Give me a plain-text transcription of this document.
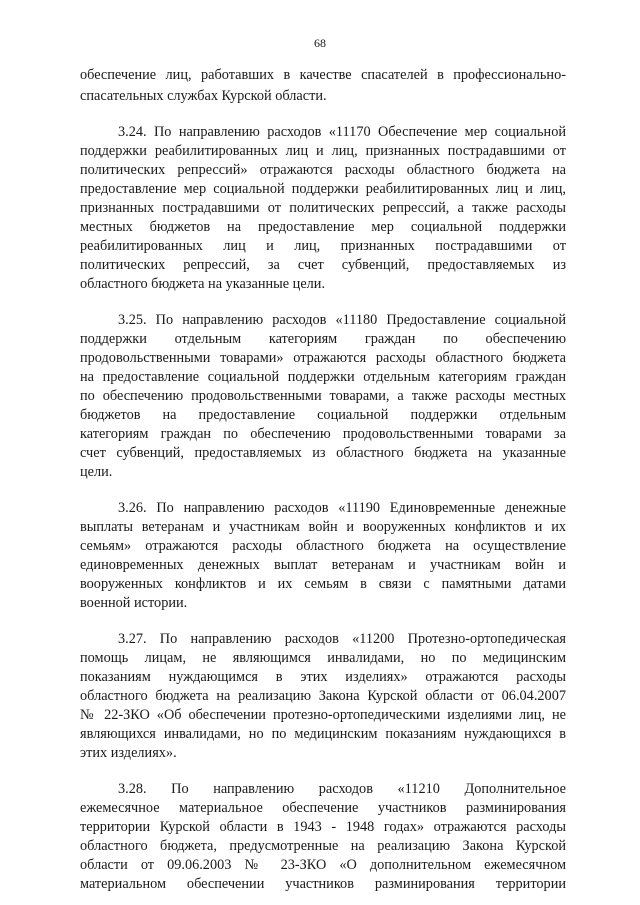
68
обеспечение лиц, работавших в качестве спасателей в профессионально-
спасательных службах Курской области.
3.24. По направлению расходов «11170 Обеспечение мер социальной
поддержки реабилитированных лиц и лиц, признанных пострадавшими от
политических репрессий» отражаются расходы областного бюджета на
предоставление мер социальной поддержки реабилитированных лиц и лиц,
признанных пострадавшими от политических репрессий, а также расходы
местных бюджетов на предоставление мер социальной поддержки
реабилитированных лиц и лиц, признанных пострадавшими от
политических репрессий, за счет субвенций, предоставляемых из
областного бюджета на указанные цели.
3.25. По направлению расходов «11180 Предоставление социальной
поддержки отдельным категориям граждан по обеспечению
продовольственными товарами» отражаются расходы областного бюджета
на предоставление социальной поддержки отдельным категориям граждан
по обеспечению продовольственными товарами, а также расходы местных
бюджетов на предоставление социальной поддержки отдельным
категориям граждан по обеспечению продовольственными товарами за
счет субвенций, предоставляемых из областного бюджета на указанные
цели.
3.26. По направлению расходов «11190 Единовременные денежные
выплаты ветеранам и участникам войн и вооруженных конфликтов и их
семьям» отражаются расходы областного бюджета на осуществление
единовременных денежных выплат ветеранам и участникам войн и
вооруженных конфликтов и их семьям в связи с памятными датами
военной истории.
3.27. По направлению расходов «11200 Протезно-ортопедическая
помощь лицам, не являющимся инвалидами, но по медицинским
показаниям нуждающимся в этих изделиях» отражаются расходы
областного бюджета на реализацию Закона Курской области от 06.04.2007
№ 22-ЗКО «Об обеспечении протезно-ортопедическими изделиями лиц, не
являющихся инвалидами, но по медицинским показаниям нуждающихся в
этих изделиях».
3.28. По направлению расходов «11210 Дополнительное
ежемесячное материальное обеспечение участников разминирования
территории Курской области в 1943 - 1948 годах» отражаются расходы
областного бюджета, предусмотренные на реализацию Закона Курской
области от 09.06.2003 № 23-ЗКО «О дополнительном ежемесячном
материальном обеспечении участников разминирования территории
